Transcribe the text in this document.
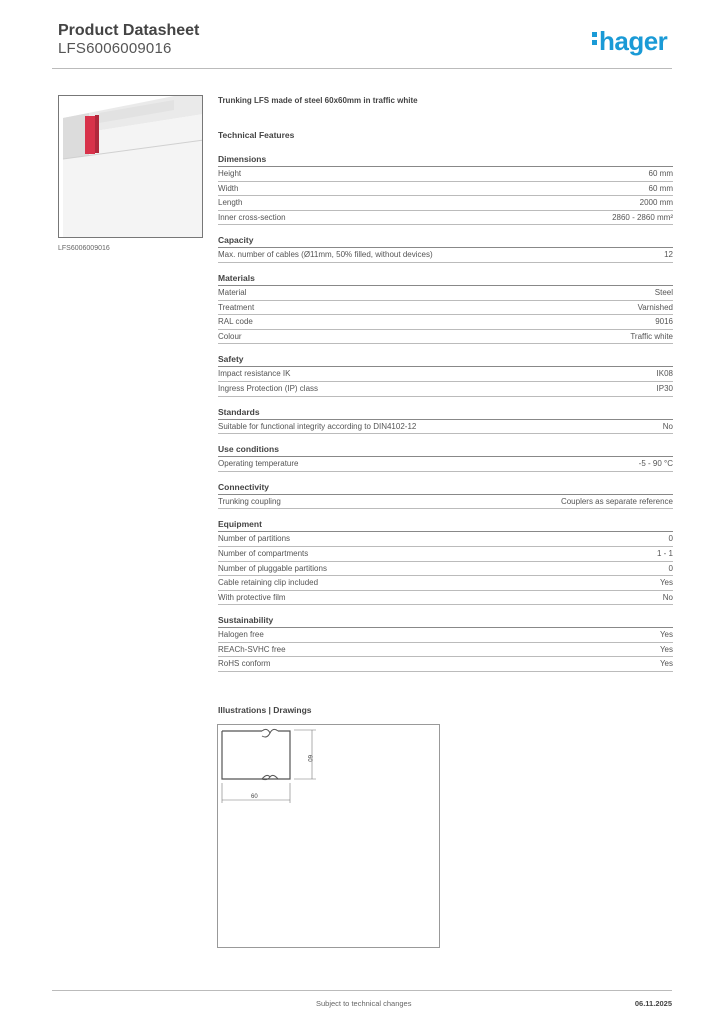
Product Datasheet
LFS6006009016	hager
LFS6006009016
Trunking LFS made of steel 60x60mm in traffic white
Technical Features
Dimensions
Height	60 mm
Width	60 mm
Length	2000 mm
Inner cross-section	2860 - 2860 mm²
Capacity
Max. number of cables (Ø11mm, 50% filled, without devices)	12
Materials
Material	Steel
Treatment	Varnished
RAL code	9016
Colour	Traffic white
Safety
Impact resistance IK	IK08
Ingress Protection (IP) class	IP30
Standards
Suitable for functional integrity according to DIN4102-12	No
Use conditions
Operating temperature	-5 - 90 °C
Connectivity
Trunking coupling	Couplers as separate reference
Equipment
Number of partitions	0
Number of compartments	1 - 1
Number of pluggable partitions	0
Cable retaining clip included	Yes
With protective film	No
Sustainability
Halogen free	Yes
REACh-SVHC free	Yes
RoHS conform	Yes
Illustrations | Drawings
60
60
Subject to technical changes	06.11.2025
